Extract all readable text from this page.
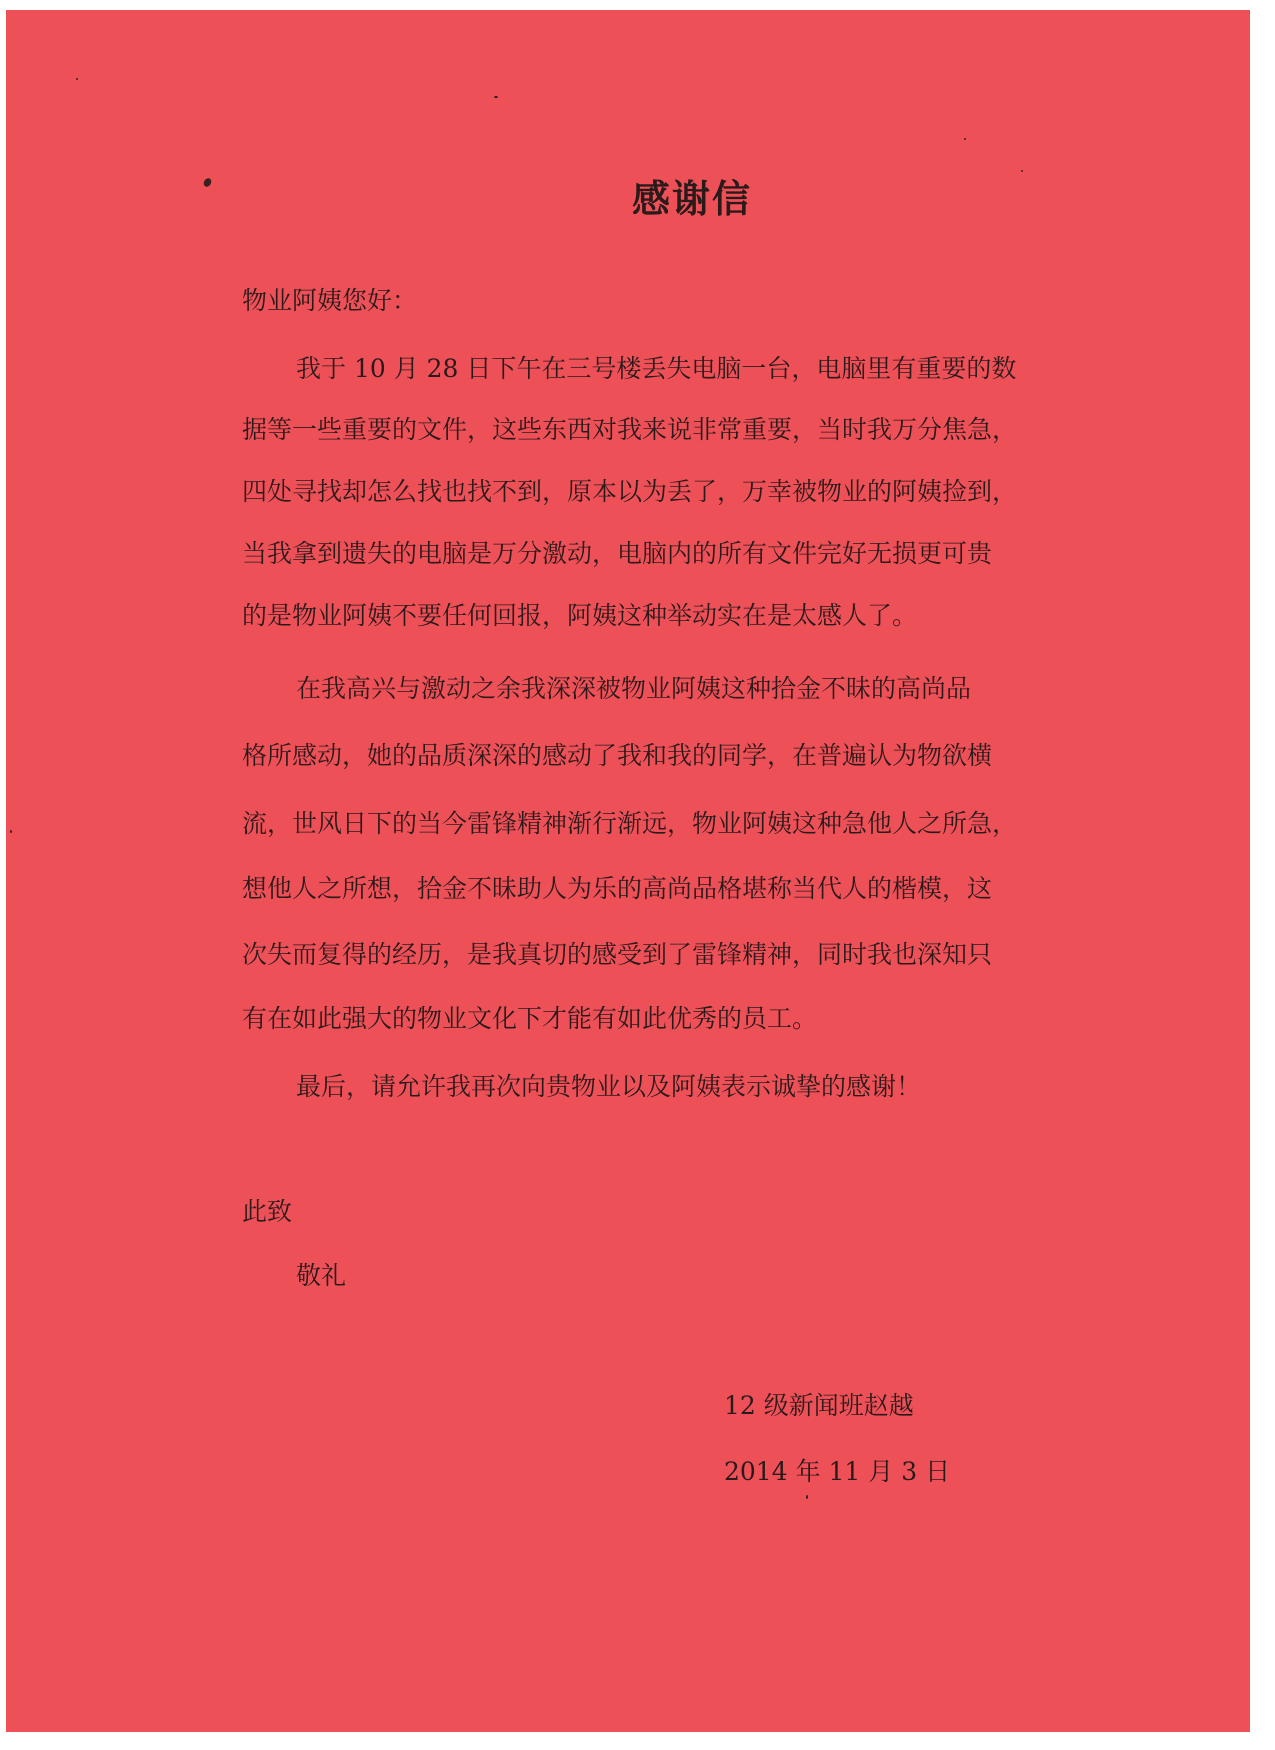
感谢信
物业阿姨您好：
我于 10 月 28 日下午在三号楼丢失电脑一台，电脑里有重要的数
据等一些重要的文件，这些东西对我来说非常重要，当时我万分焦急，
四处寻找却怎么找也找不到，原本以为丢了，万幸被物业的阿姨捡到，
当我拿到遗失的电脑是万分激动，电脑内的所有文件完好无损更可贵
的是物业阿姨不要任何回报，阿姨这种举动实在是太感人了。
在我高兴与激动之余我深深被物业阿姨这种拾金不昧的高尚品
格所感动，她的品质深深的感动了我和我的同学，在普遍认为物欲横
流，世风日下的当今雷锋精神渐行渐远，物业阿姨这种急他人之所急，
想他人之所想，拾金不昧助人为乐的高尚品格堪称当代人的楷模，这
次失而复得的经历，是我真切的感受到了雷锋精神，同时我也深知只
有在如此强大的物业文化下才能有如此优秀的员工。
最后，请允许我再次向贵物业以及阿姨表示诚挚的感谢！
此致
敬礼
12 级新闻班赵越
2014 年 11 月 3 日
